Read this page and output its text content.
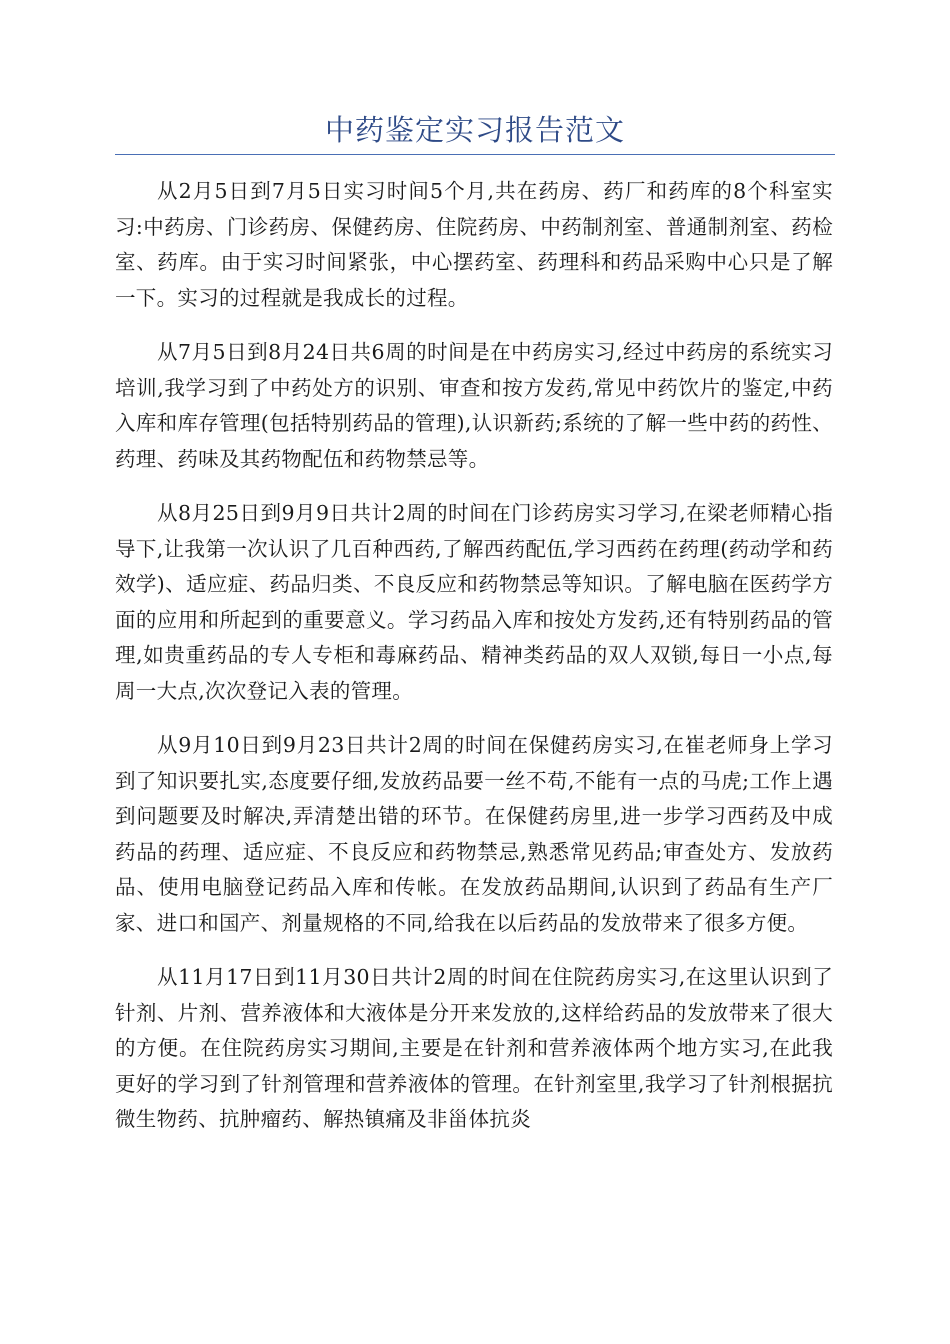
中药鉴定实习报告范文

从2月5日到7月5日实习时间5个月,共在药房、药厂和药库的8个科室实习:中药房、门诊药房、保健药房、住院药房、中药制剂室、普通制剂室、药检室、药库。由于实习时间紧张，中心摆药室、药理科和药品采购中心只是了解一下。实习的过程就是我成长的过程。

从7月5日到8月24日共6周的时间是在中药房实习,经过中药房的系统实习培训,我学习到了中药处方的识别、审查和按方发药,常见中药饮片的鉴定,中药入库和库存管理(包括特别药品的管理),认识新药;系统的了解一些中药的药性、药理、药味及其药物配伍和药物禁忌等。

从8月25日到9月9日共计2周的时间在门诊药房实习学习,在梁老师精心指导下,让我第一次认识了几百种西药,了解西药配伍,学习西药在药理(药动学和药效学)、适应症、药品归类、不良反应和药物禁忌等知识。了解电脑在医药学方面的应用和所起到的重要意义。学习药品入库和按处方发药,还有特别药品的管理,如贵重药品的专人专柜和毒麻药品、精神类药品的双人双锁,每日一小点,每周一大点,次次登记入表的管理。

从9月10日到9月23日共计2周的时间在保健药房实习,在崔老师身上学习到了知识要扎实,态度要仔细,发放药品要一丝不苟,不能有一点的马虎;工作上遇到问题要及时解决,弄清楚出错的环节。在保健药房里,进一步学习西药及中成药品的药理、适应症、不良反应和药物禁忌,熟悉常见药品;审查处方、发放药品、使用电脑登记药品入库和传帐。在发放药品期间,认识到了药品有生产厂家、进口和国产、剂量规格的不同,给我在以后药品的发放带来了很多方便。

从11月17日到11月30日共计2周的时间在住院药房实习,在这里认识到了针剂、片剂、营养液体和大液体是分开来发放的,这样给药品的发放带来了很大的方便。在住院药房实习期间,主要是在针剂和营养液体两个地方实习,在此我更好的学习到了针剂管理和营养液体的管理。在针剂室里,我学习了针剂根据抗微生物药、抗肿瘤药、解热镇痛及非甾体抗炎
